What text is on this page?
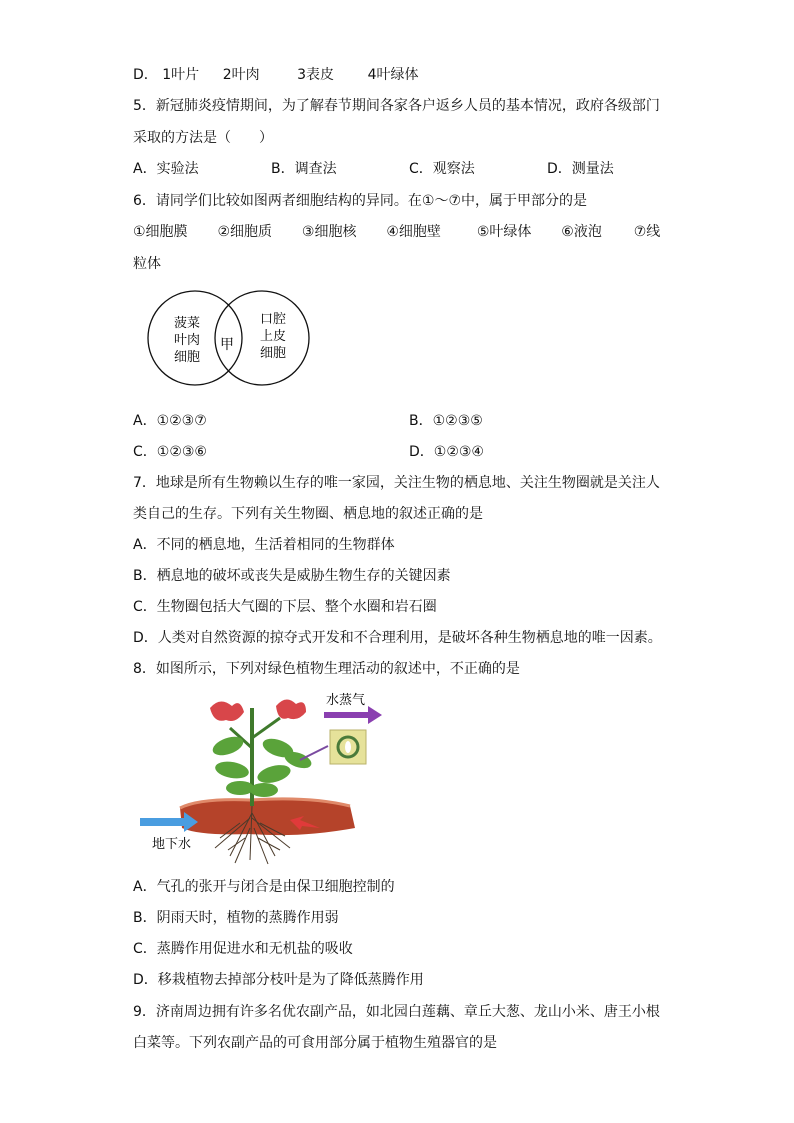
D． 1叶片 2叶肉	3表皮 4叶绿体
5．新冠肺炎疫情期间，为了解春节期间各家各户返乡人员的基本情况，政府各级部门
采取的方法是（　　）
A．实验法	B．调查法	C．观察法	D．测量法
6．请同学们比较如图两者细胞结构的异同。在①～⑦中，属于甲部分的是
①细胞膜 ②细胞质 ③细胞核 ④细胞壁	⑤叶绿体 ⑥液泡 ⑦线
粒体
菠菜
叶肉
细胞
甲
口腔
上皮
细胞
A．①②③⑦	B．①②③⑤
C．①②③⑥	D．①②③④
7．地球是所有生物赖以生存的唯一家园，关注生物的栖息地、关注生物圈就是关注人
类自己的生存。下列有关生物圈、栖息地的叙述正确的是
A．不同的栖息地，生活着相同的生物群体
B．栖息地的破坏或丧失是威胁生物生存的关键因素
C．生物圈包括大气圈的下层、整个水圈和岩石圈
D．人类对自然资源的掠夺式开发和不合理利用，是破坏各种生物栖息地的唯一因素。
8．如图所示，下列对绿色植物生理活动的叙述中，不正确的是
水蒸气
地下水
A．气孔的张开与闭合是由保卫细胞控制的
B．阴雨天时，植物的蒸腾作用弱
C．蒸腾作用促进水和无机盐的吸收
D．移栽植物去掉部分枝叶是为了降低蒸腾作用
9．济南周边拥有许多名优农副产品，如北园白莲藕、章丘大葱、龙山小米、唐王小根
白菜等。下列农副产品的可食用部分属于植物生殖器官的是
